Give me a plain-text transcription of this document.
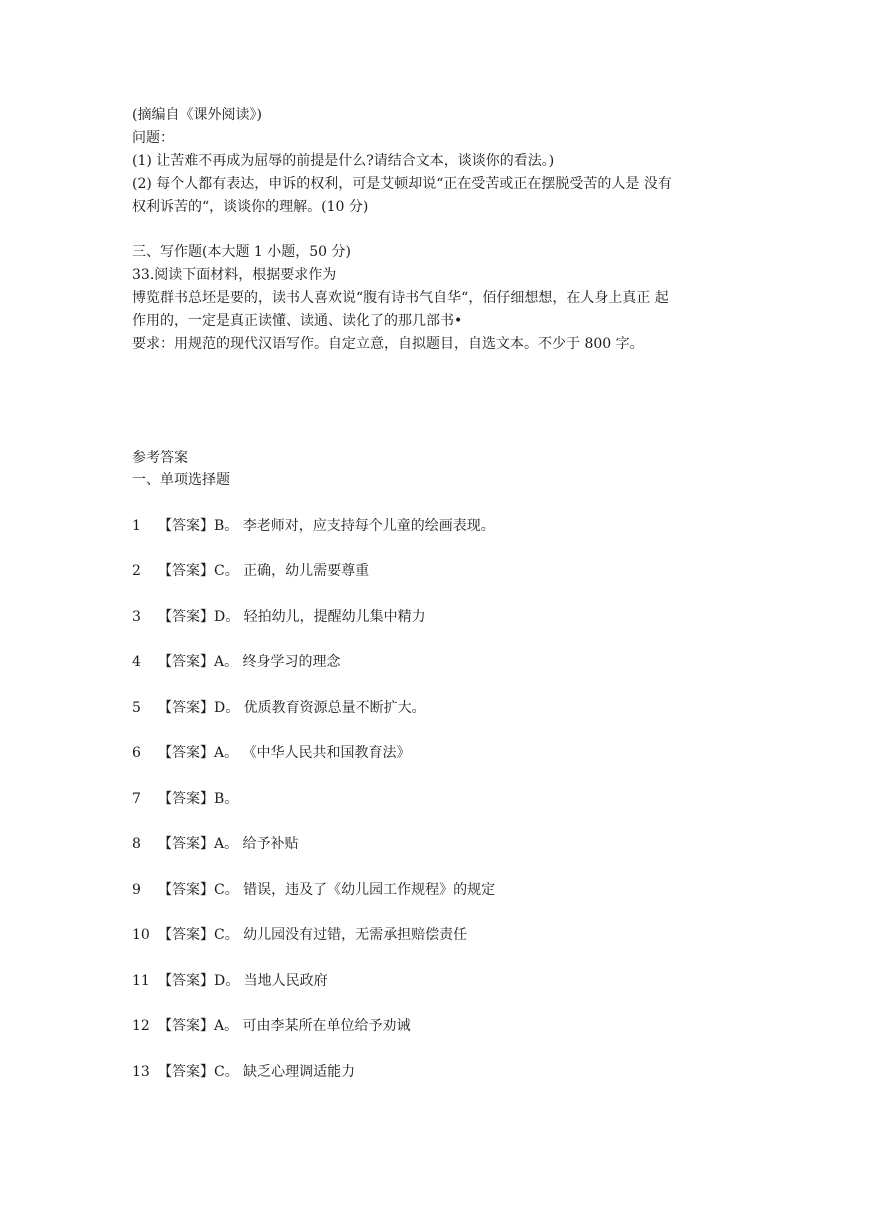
(摘编自《课外阅读》)
问题：
(1) 让苦难不再成为屈辱的前提是什么?请结合文本，谈谈你的看法。)
(2) 每个人都有表达，申诉的权利，可是艾顿却说“正在受苦或正在摆脱受苦的人是 没有
权利诉苦的“，谈谈你的理解。(10 分)
三、写作题(本大题 1 小题，50 分)
33.阅读下面材料，根据要求作为
博览群书总坯是要的，读书人喜欢说“腹有诗书气自华“，佰仔细想想，在人身上真正 起
作用的，一定是真正读懂、读通、读化了的那几部书•
要求：用规范的现代汉语写作。自定立意，自拟题目，自选文本。不少于 800 字。
参考答案
一、单项选择题
1 【答案】B。 李老师对，应支持每个儿童的绘画表现。
2 【答案】C。 正确，幼儿需要尊重
3 【答案】D。 轻拍幼儿，提醒幼儿集中精力
4 【答案】A。 终身学习的理念
5 【答案】D。 优质教育资源总量不断扩大。
6 【答案】A。 《中华人民共和国教育法》
7 【答案】B。
8 【答案】A。 给予补贴
9 【答案】C。 错误，违及了《幼儿园工作规程》的规定
10 【答案】C。 幼儿园没有过错，无需承担赔偿责任
11 【答案】D。 当地人民政府
12 【答案】A。 可由李某所在单位给予劝诫
13 【答案】C。 缺乏心理调适能力
